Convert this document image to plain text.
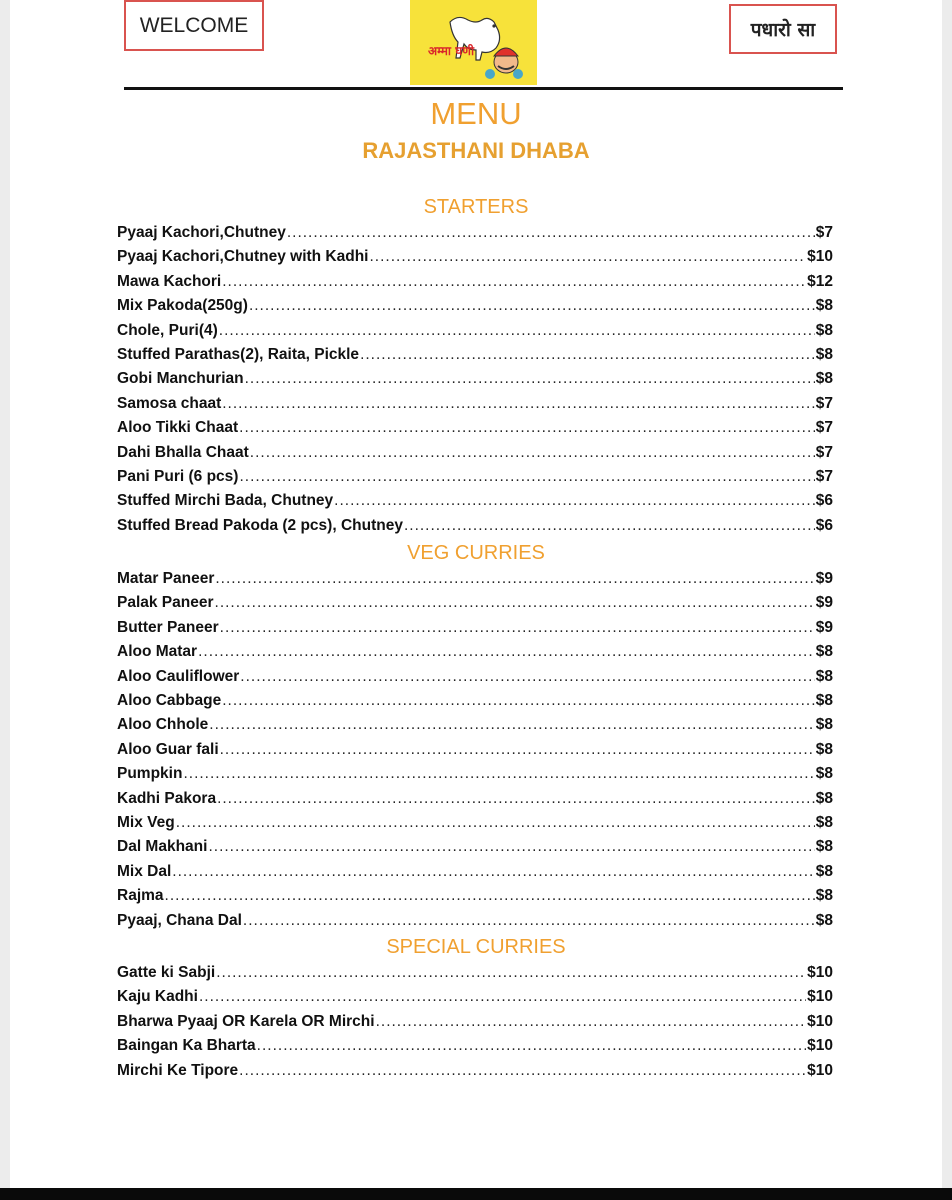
WELCOME
अम्मा घणी
पधारो सा
MENU
RAJASTHANI DHABA
STARTERS
Pyaaj Kachori,Chutney .....	$7
Pyaaj Kachori,Chutney with Kadhi .....	$10
Mawa Kachori .....	$12
Mix Pakoda(250g) .....	$8
Chole, Puri(4) .....	$8
Stuffed Parathas(2), Raita, Pickle .....	$8
Gobi Manchurian .....	$8
Samosa chaat .....	$7
Aloo Tikki Chaat .....	$7
Dahi Bhalla Chaat .....	$7
Pani Puri (6 pcs) .....	$7
Stuffed Mirchi Bada, Chutney .....	$6
Stuffed Bread Pakoda (2 pcs), Chutney .....	$6
VEG CURRIES
Matar Paneer .....	$9
Palak Paneer .....	$9
Butter Paneer .....	$9
Aloo Matar .....	$8
Aloo Cauliflower .....	$8
Aloo Cabbage .....	$8
Aloo Chhole .....	$8
Aloo Guar fali .....	$8
Pumpkin .....	$8
Kadhi Pakora .....	$8
Mix Veg .....	$8
Dal Makhani .....	$8
Mix Dal .....	$8
Rajma .....	$8
Pyaaj, Chana Dal .....	$8
SPECIAL CURRIES
Gatte ki Sabji .....	$10
Kaju Kadhi .....	$10
Bharwa Pyaaj OR Karela OR Mirchi .....	$10
Baingan Ka Bharta .....	$10
Mirchi Ke Tipore .....	$10
